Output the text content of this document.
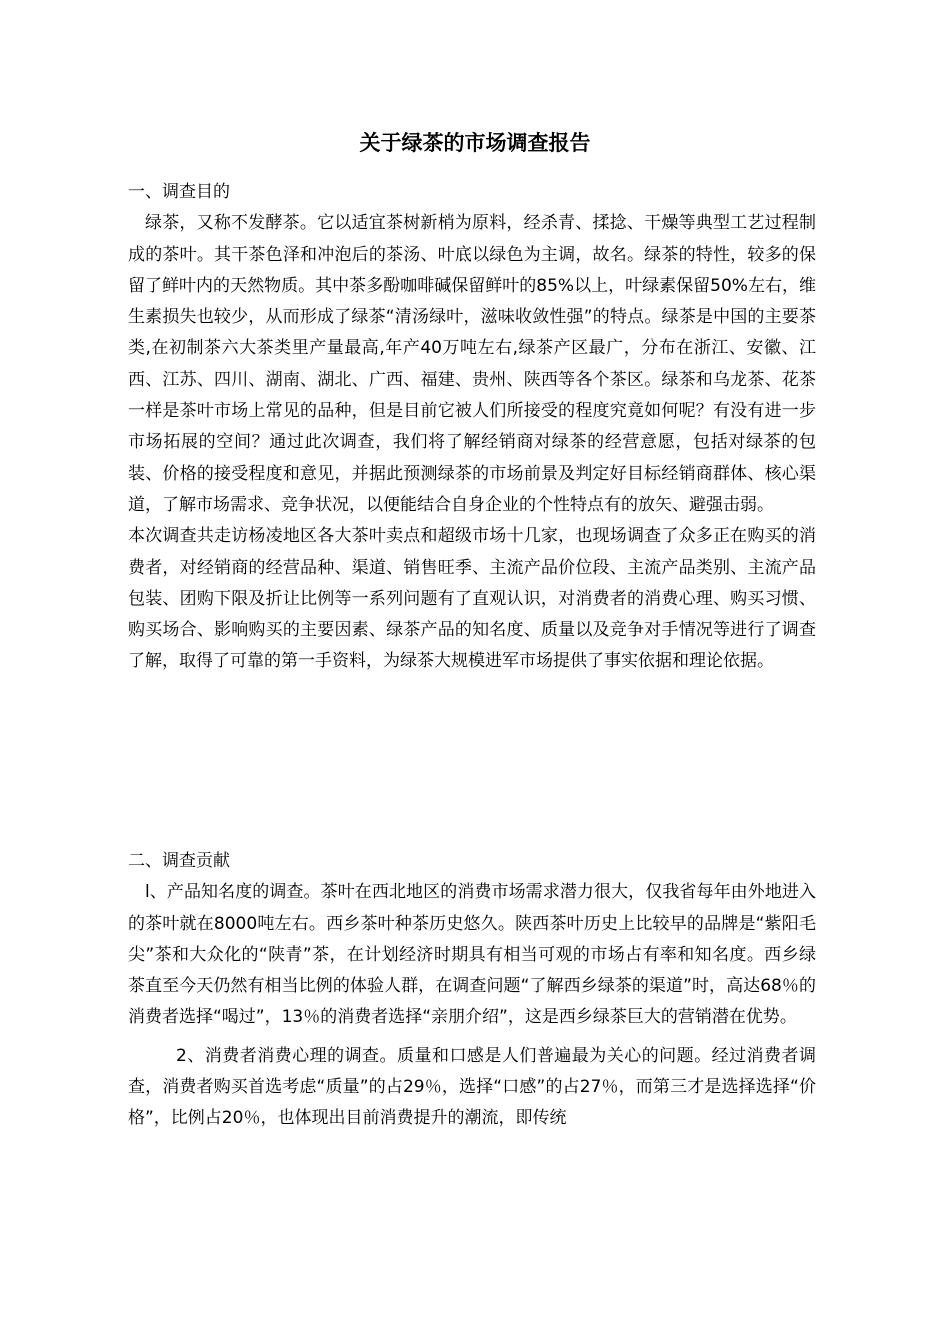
关于绿茶的市场调查报告

一、调查目的

绿茶，又称不发酵茶。它以适宜茶树新梢为原料，经杀青、揉捻、干燥等典型工艺过程制成的茶叶。其干茶色泽和冲泡后的茶汤、叶底以绿色为主调，故名。绿茶的特性，较多的保留了鲜叶内的天然物质。其中茶多酚咖啡碱保留鲜叶的85%以上，叶绿素保留50%左右，维生素损失也较少，从而形成了绿茶“清汤绿叶，滋味收敛性强”的特点。绿茶是中国的主要茶类,在初制茶六大茶类里产量最高,年产40万吨左右,绿茶产区最广，分布在浙江、安徽、江西、江苏、四川、湖南、湖北、广西、福建、贵州、陕西等各个茶区。绿茶和乌龙茶、花茶一样是茶叶市场上常见的品种，但是目前它被人们所接受的程度究竟如何呢？有没有进一步市场拓展的空间？通过此次调查，我们将了解经销商对绿茶的经营意愿，包括对绿茶的包装、价格的接受程度和意见，并据此预测绿茶的市场前景及判定好目标经销商群体、核心渠道，了解市场需求、竞争状况，以便能结合自身企业的个性特点有的放矢、避强击弱。

本次调查共走访杨凌地区各大茶叶卖点和超级市场十几家，也现场调查了众多正在购买的消费者，对经销商的经营品种、渠道、销售旺季、主流产品价位段、主流产品类别、主流产品包装、团购下限及折让比例等一系列问题有了直观认识，对消费者的消费心理、购买习惯、购买场合、影响购买的主要因素、绿茶产品的知名度、质量以及竞争对手情况等进行了调查了解，取得了可靠的第一手资料，为绿茶大规模进军市场提供了事实依据和理论依据。

二、调查贡献

l、产品知名度的调查。茶叶在西北地区的消费市场需求潜力很大，仅我省每年由外地进入的茶叶就在8000吨左右。西乡茶叶种茶历史悠久。陕西茶叶历史上比较早的品牌是“紫阳毛尖”茶和大众化的“陕青”茶，在计划经济时期具有相当可观的市场占有率和知名度。西乡绿茶直至今天仍然有相当比例的体验人群，在调查问题“了解西乡绿茶的渠道”时，高达68％的消费者选择“喝过”，13％的消费者选择“亲朋介绍”，这是西乡绿茶巨大的营销潜在优势。

2、消费者消费心理的调查。质量和口感是人们普遍最为关心的问题。经过消费者调查，消费者购买首选考虑“质量”的占29％，选择“口感”的占27％，而第三才是选择选择“价格”，比例占20％，也体现出目前消费提升的潮流，即传统
